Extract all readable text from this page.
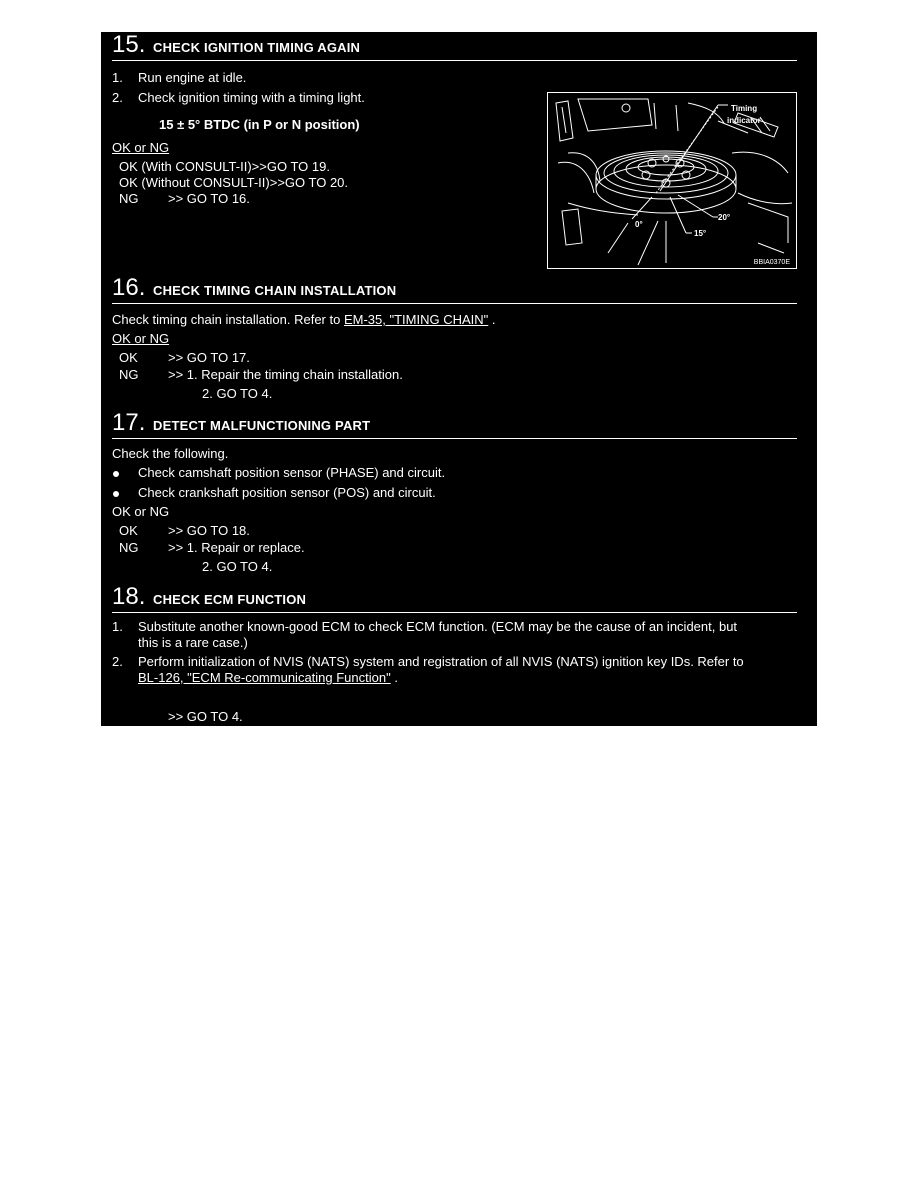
15. CHECK IGNITION TIMING AGAIN
1. Run engine at idle.
2. Check ignition timing with a timing light.
15 ± 5° BTDC (in P or N position)
OK or NG
OK (With CONSULT-II)>>GO TO 19.
OK (Without CONSULT-II)>>GO TO 20.
NG >> GO TO 16.
Timing
indicator
20°
15°
0°
BBIA0370E
16. CHECK TIMING CHAIN INSTALLATION
Check timing chain installation. Refer to EM-35, "TIMING CHAIN" .
OK or NG
OK >> GO TO 17.
NG >> 1. Repair the timing chain installation.
2. GO TO 4.
17. DETECT MALFUNCTIONING PART
Check the following.
Check camshaft position sensor (PHASE) and circuit.
Check crankshaft position sensor (POS) and circuit.
OK or NG
OK >> GO TO 18.
NG >> 1. Repair or replace.
2. GO TO 4.
18. CHECK ECM FUNCTION
1. Substitute another known-good ECM to check ECM function. (ECM may be the cause of an incident, but
this is a rare case.)
2. Perform initialization of NVIS (NATS) system and registration of all NVIS (NATS) ignition key IDs. Refer to
BL-126, "ECM Re-communicating Function" .
>> GO TO 4.
